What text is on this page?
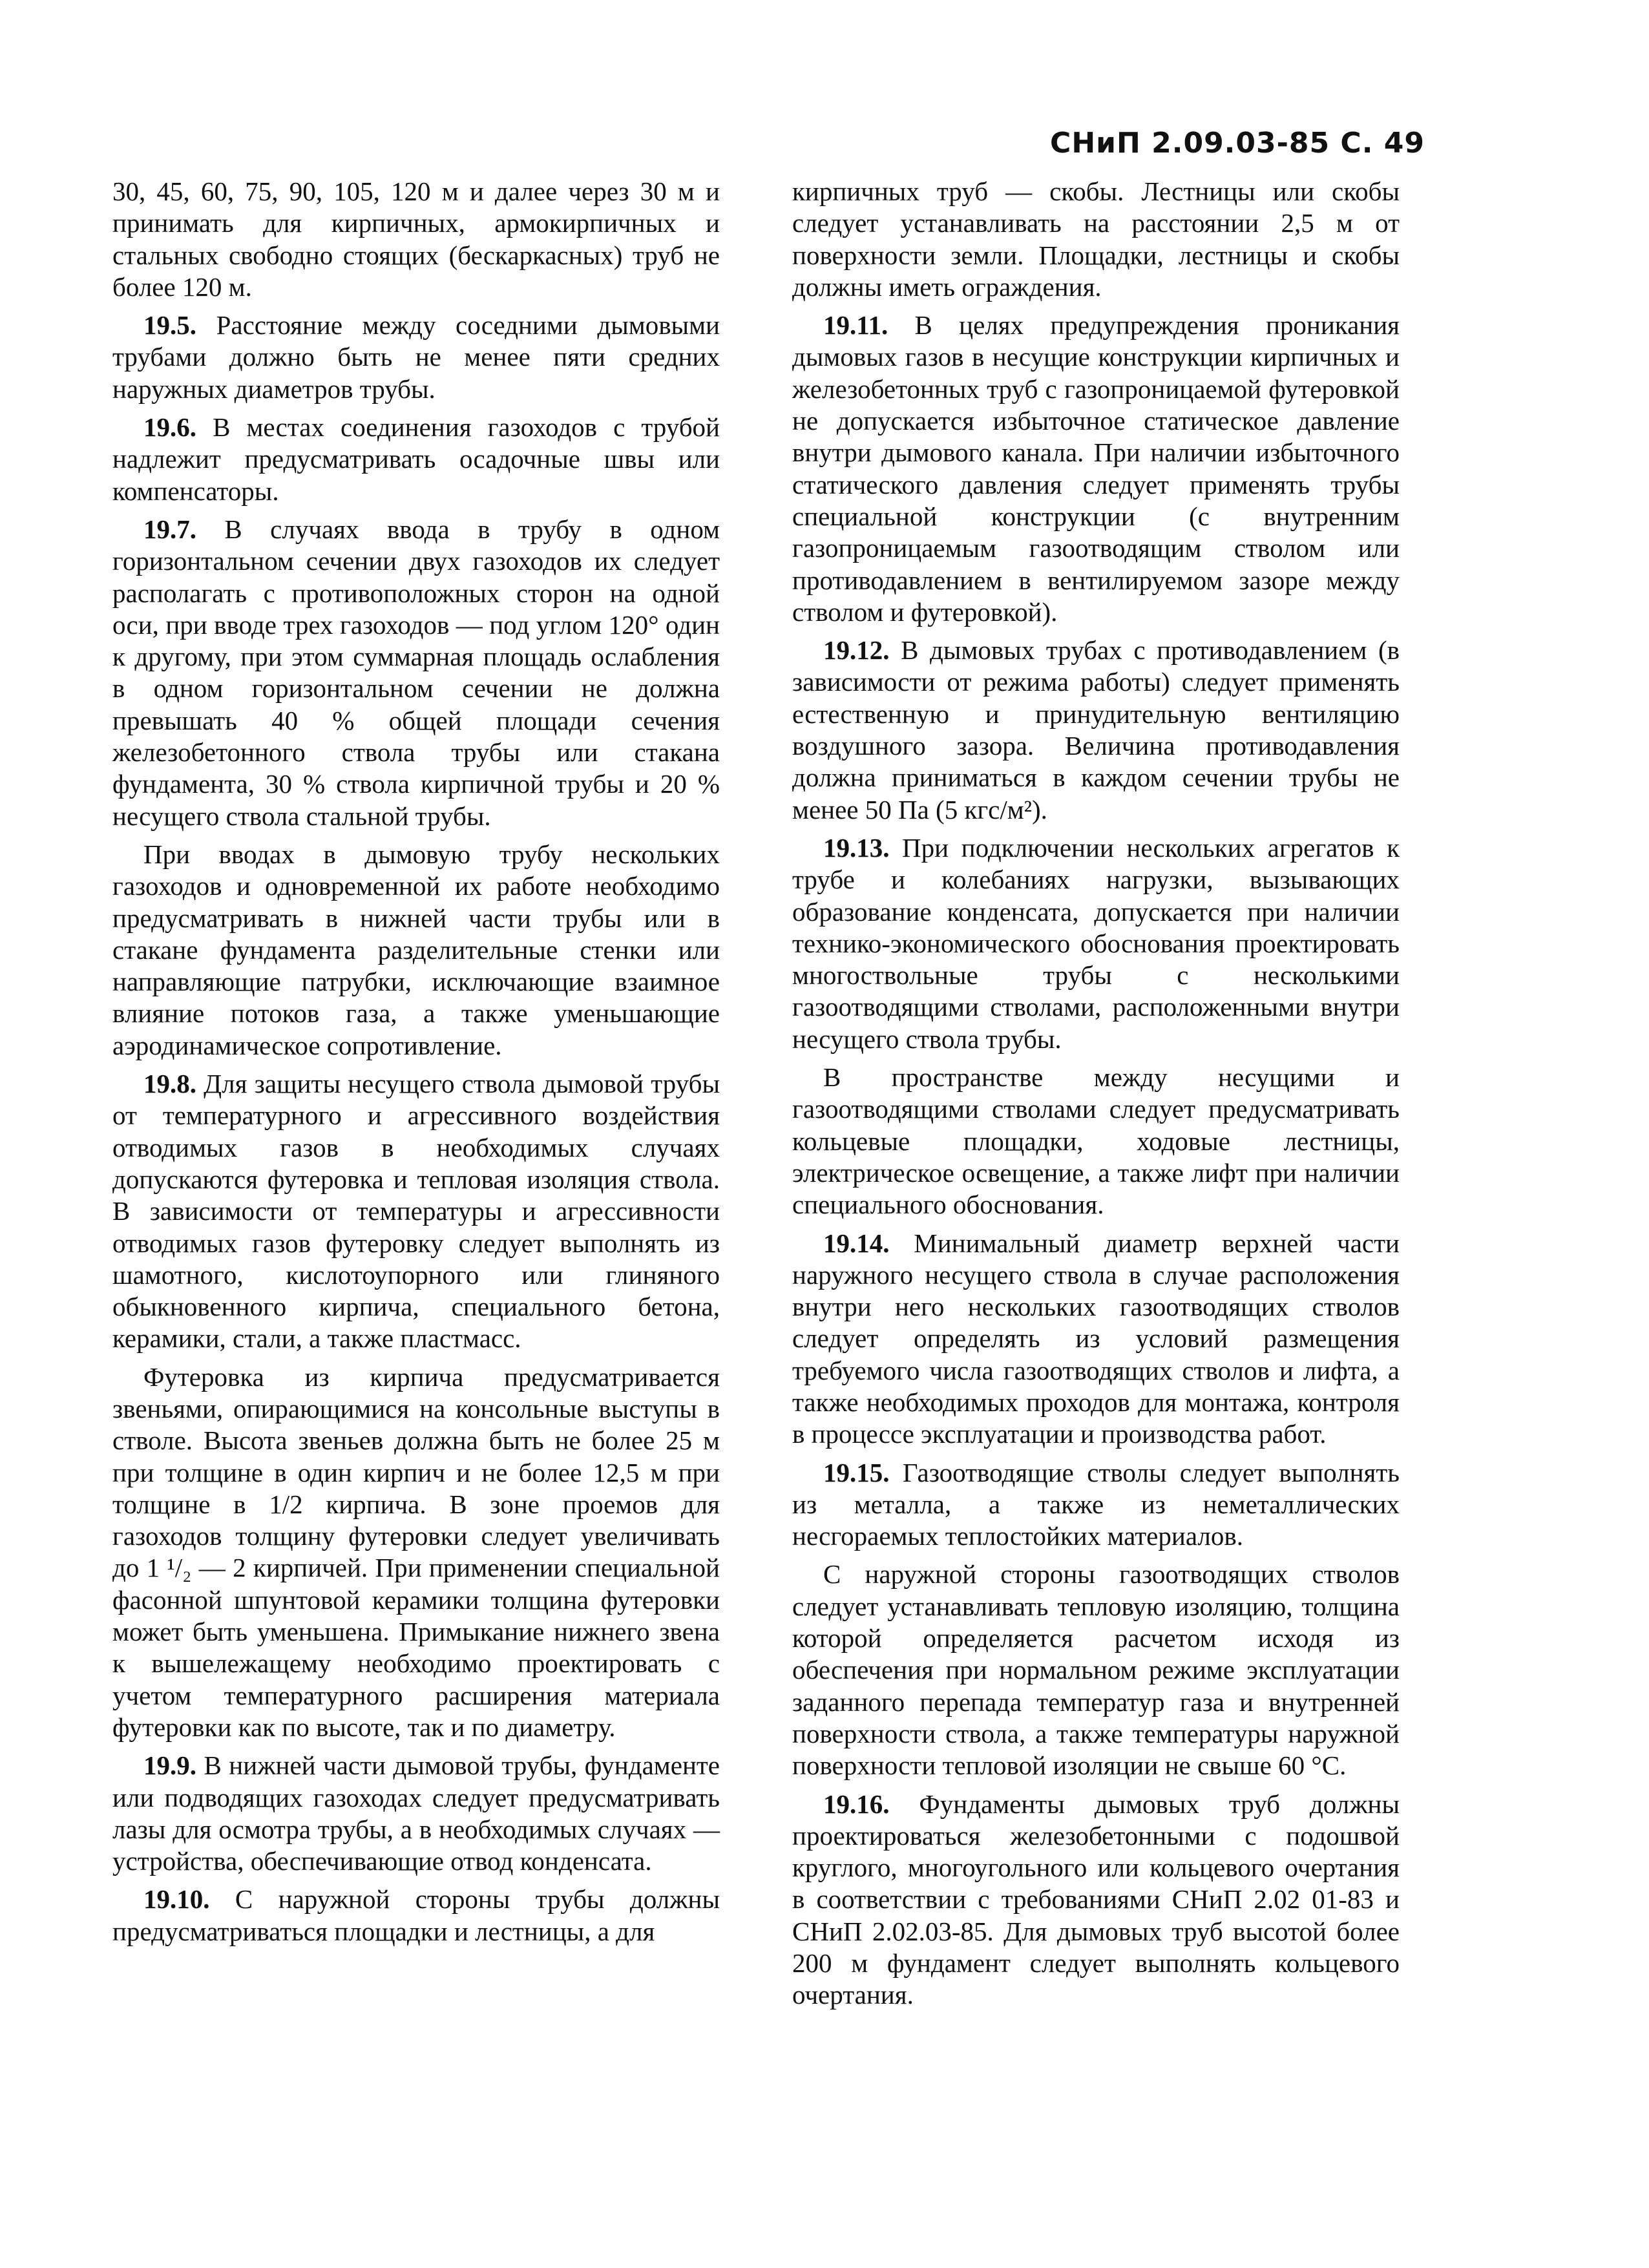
СНиП 2.09.03-85 С. 49

30, 45, 60, 75, 90, 105, 120 м и далее через 30 м и принимать для кирпичных, армокирпичных и стальных свободно стоящих (бескаркасных) труб не более 120 м.

19.5. Расстояние между соседними дымовыми трубами должно быть не менее пяти средних наружных диаметров трубы.

19.6. В местах соединения газоходов с трубой надлежит предусматривать осадочные швы или компенсаторы.

19.7. В случаях ввода в трубу в одном горизонтальном сечении двух газоходов их следует располагать с противоположных сторон на одной оси, при вводе трех газоходов — под углом 120° один к другому, при этом суммарная площадь ослабления в одном горизонтальном сечении не должна превышать 40 % общей площади сечения железобетонного ствола трубы или стакана фундамента, 30 % ствола кирпичной трубы и 20 % несущего ствола стальной трубы.

При вводах в дымовую трубу нескольких газоходов и одновременной их работе необходимо предусматривать в нижней части трубы или в стакане фундамента разделительные стенки или направляющие патрубки, исключающие взаимное влияние потоков газа, а также уменьшающие аэродинамическое сопротивление.

19.8. Для защиты несущего ствола дымовой трубы от температурного и агрессивного воздействия отводимых газов в необходимых случаях допускаются футеровка и тепловая изоляция ствола. В зависимости от температуры и агрессивности отводимых газов футеровку следует выполнять из шамотного, кислотоупорного или глиняного обыкновенного кирпича, специального бетона, керамики, стали, а также пластмасс.

Футеровка из кирпича предусматривается звеньями, опирающимися на консольные выступы в стволе. Высота звеньев должна быть не более 25 м при толщине в один кирпич и не более 12,5 м при толщине в 1/2 кирпича. В зоне проемов для газоходов толщину футеровки следует увеличивать до 1 ¹/₂ — 2 кирпичей. При применении специальной фасонной шпунтовой керамики толщина футеровки может быть уменьшена. Примыкание нижнего звена к вышележащему необходимо проектировать с учетом температурного расширения материала футеровки как по высоте, так и по диаметру.

19.9. В нижней части дымовой трубы, фундаменте или подводящих газоходах следует предусматривать лазы для осмотра трубы, а в необходимых случаях — устройства, обеспечивающие отвод конденсата.

19.10. С наружной стороны трубы должны предусматриваться площадки и лестницы, а для

кирпичных труб — скобы. Лестницы или скобы следует устанавливать на расстоянии 2,5 м от поверхности земли. Площадки, лестницы и скобы должны иметь ограждения.

19.11. В целях предупреждения проникания дымовых газов в несущие конструкции кирпичных и железобетонных труб с газопроницаемой футеровкой не допускается избыточное статическое давление внутри дымового канала. При наличии избыточного статического давления следует применять трубы специальной конструкции (с внутренним газопроницаемым газоотводящим стволом или противодавлением в вентилируемом зазоре между стволом и футеровкой).

19.12. В дымовых трубах с противодавлением (в зависимости от режима работы) следует применять естественную и принудительную вентиляцию воздушного зазора. Величина противодавления должна приниматься в каждом сечении трубы не менее 50 Па (5 кгс/м²).

19.13. При подключении нескольких агрегатов к трубе и колебаниях нагрузки, вызывающих образование конденсата, допускается при наличии технико-экономического обоснования проектировать многоствольные трубы с несколькими газоотводящими стволами, расположенными внутри несущего ствола трубы.

В пространстве между несущими и газоотводящими стволами следует предусматривать кольцевые площадки, ходовые лестницы, электрическое освещение, а также лифт при наличии специального обоснования.

19.14. Минимальный диаметр верхней части наружного несущего ствола в случае расположения внутри него нескольких газоотводящих стволов следует определять из условий размещения требуемого числа газоотводящих стволов и лифта, а также необходимых проходов для монтажа, контроля в процессе эксплуатации и производства работ.

19.15. Газоотводящие стволы следует выполнять из металла, а также из неметаллических несгораемых теплостойких материалов.

С наружной стороны газоотводящих стволов следует устанавливать тепловую изоляцию, толщина которой определяется расчетом исходя из обеспечения при нормальном режиме эксплуатации заданного перепада температур газа и внутренней поверхности ствола, а также температуры наружной поверхности тепловой изоляции не свыше 60 °С.

19.16. Фундаменты дымовых труб должны проектироваться железобетонными с подошвой круглого, многоугольного или кольцевого очертания в соответствии с требованиями СНиП 2.02 01-83 и СНиП 2.02.03-85. Для дымовых труб высотой более 200 м фундамент следует выполнять кольцевого очертания.
